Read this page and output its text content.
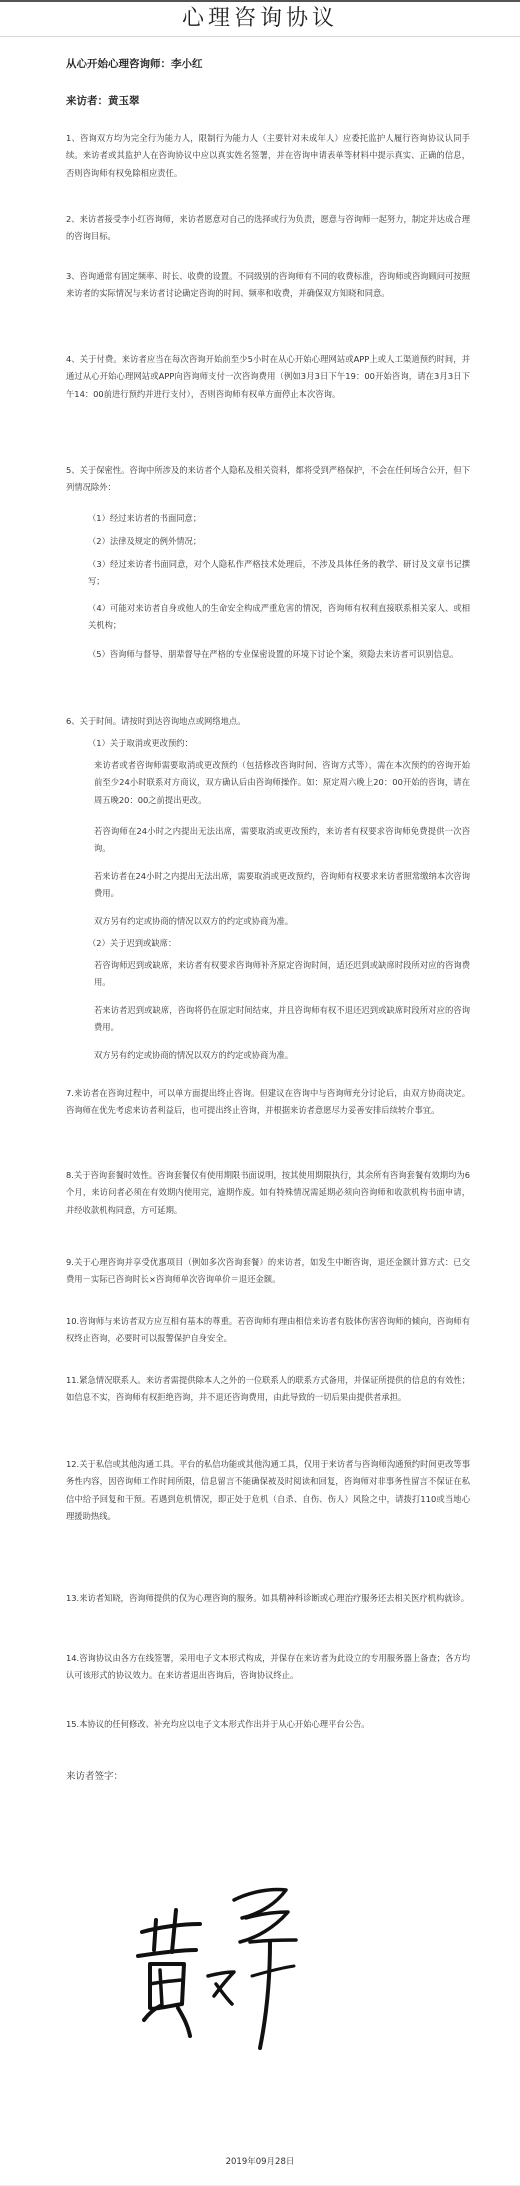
心理咨询协议
从心开始心理咨询师：李小红
来访者：黄玉翠
1、咨询双方均为完全行为能力人，限制行为能力人（主要针对未成年人）应委托监护人履行咨询协议认同手续。来访者或其监护人在咨询协议中应以真实姓名签署，并在咨询申请表单等材料中提示真实、正确的信息，否则咨询师有权免除相应责任。
2、来访者接受李小红咨询师，来访者愿意对自己的选择或行为负责，愿意与咨询师一起努力，制定并达成合理的咨询目标。
3、咨询通常有固定频率、时长、收费的设置。不同级别的咨询师有不同的收费标准，咨询师或咨询顾问可按照来访者的实际情况与来访者讨论确定咨询的时间、频率和收费，并确保双方知晓和同意。
4、关于付费。来访者应当在每次咨询开始前至少5小时在从心开始心理网站或APP上或人工渠道预约时间，并通过从心开始心理网站或APP向咨询师支付一次咨询费用（例如3月3日下午19：00开始咨询，请在3月3日下午14：00前进行预约并进行支付），否则咨询师有权单方面停止本次咨询。
5、关于保密性。咨询中所涉及的来访者个人隐私及相关资料，都将受到严格保护，不会在任何场合公开，但下列情况除外：
（1）经过来访者的书面同意；
（2）法律及规定的例外情况；
（3）经过来访者书面同意，对个人隐私作严格技术处理后，不涉及具体任务的教学、研讨及文章书记撰写；
（4）可能对来访者自身或他人的生命安全构成严重危害的情况，咨询师有权利直接联系相关家人、或相关机构；
（5）咨询师与督导、朋辈督导在严格的专业保密设置的环境下讨论个案，须隐去来访者可识别信息。
6、关于时间。请按时到达咨询地点或网络地点。
（1）关于取消或更改预约：
来访者或者咨询师需要取消或更改预约（包括修改咨询时间、咨询方式等），需在本次预约的咨询开始前至少24小时联系对方商议，双方确认后由咨询师操作。如：原定周六晚上20：00开始的咨询，请在周五晚20：00之前提出更改。
若咨询师在24小时之内提出无法出席，需要取消或更改预约，来访者有权要求咨询师免费提供一次咨询。
若来访者在24小时之内提出无法出席，需要取消或更改预约，咨询师有权要求来访者照常缴纳本次咨询费用。
双方另有约定或协商的情况以双方的约定或协商为准。
（2）关于迟到或缺席：
若咨询师迟到或缺席，来访者有权要求咨询师补齐原定咨询时间，适还迟到或缺席时段所对应的咨询费用。
若来访者迟到或缺席，咨询将仍在原定时间结束，并且咨询师有权不退还迟到或缺席时段所对应的咨询费用。
双方另有约定或协商的情况以双方的约定或协商为准。
7.来访者在咨询过程中，可以单方面提出终止咨询。但建议在咨询中与咨询师充分讨论后，由双方协商决定。咨询师在优先考虑来访者利益后，也可提出终止咨询，并根据来访者意愿尽力妥善安排后续转介事宜。
8.关于咨询套餐时效性。咨询套餐仅有使用期限书面说明，按其使用期限执行，其余所有咨询套餐有效期均为6个月，来访问者必须在有效期内使用完，逾期作废。如有特殊情况需延期必须向咨询师和收款机构书面申请，并经收款机构同意，方可延期。
9.关于心理咨询并享受优惠项目（例如多次咨询套餐）的来访者，如发生中断咨询，退还金额计算方式：已交费用－实际已咨询时长×咨询师单次咨询单价＝退还金额。
10.咨询师与来访者双方应互相有基本的尊重。若咨询师有理由相信来访者有肢体伤害咨询师的倾向，咨询师有权终止咨询，必要时可以报警保护自身安全。
11.紧急情况联系人。来访者需提供除本人之外的一位联系人的联系方式备用，并保证所提供的信息的有效性；如信息不实，咨询师有权拒绝咨询，并不退还咨询费用，由此导致的一切后果由提供者承担。
12.关于私信或其他沟通工具。平台的私信功能或其他沟通工具，仅用于来访者与咨询师沟通预约时间更改等事务性内容，因咨询师工作时间所限，信息留言不能确保被及时阅读和回复，咨询师对非事务性留言不保证在私信中给予回复和干预。若遇到危机情况，即正处于危机（自杀、自伤、伤人）风险之中，请拨打110或当地心理援助热线。
13.来访者知晓，咨询师提供的仅为心理咨询的服务。如具精神科诊断或心理治疗服务还去相关医疗机构就诊。
14.咨询协议由各方在线签署，采用电子文本形式构成，并保存在来访者为此设立的专用服务器上备查；各方均认可该形式的协议效力。在来访者退出咨询后，咨询协议终止。
15.本协议的任何修改、补充均应以电子文本形式作出并于从心开始心理平台公告。
来访者签字：
2019年09月28日
